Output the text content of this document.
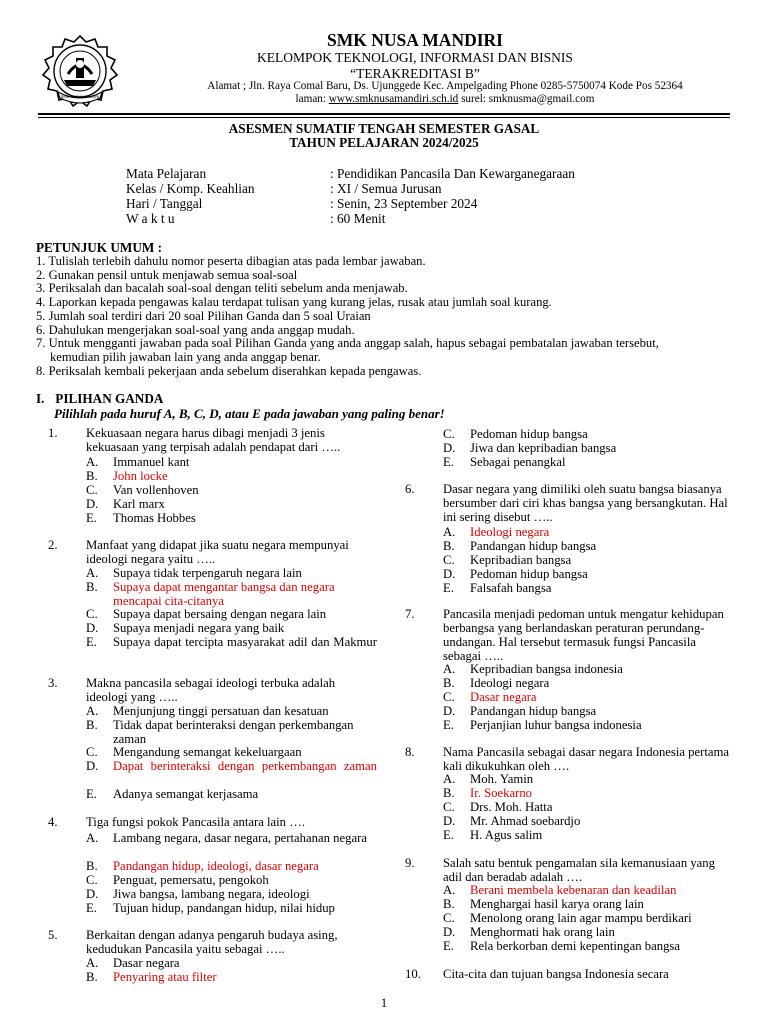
SMK NUSA MANDIRI
SMK NUSA MANDIRI
KELOMPOK TEKNOLOGI, INFORMASI DAN BISNIS
“TERAKREDITASI B”
Alamat ; Jln. Raya Comal Baru, Ds. Ujunggede Kec. Ampelgading Phone 0285-5750074 Kode Pos 52364
laman: www.smknusamandiri.sch.id surel: smknusma@gmail.com
ASESMEN SUMATIF TENGAH SEMESTER GASAL
TAHUN PELAJARAN 2024/2025
Mata Pelajaran	: Pendidikan Pancasila Dan Kewarganegaraan
Kelas / Komp. Keahlian	: XI / Semua Jurusan
Hari / Tanggal	: Senin, 23 September 2024
W a k t u	: 60 Menit
PETUNJUK UMUM :
1. Tulislah terlebih dahulu nomor peserta dibagian atas pada lembar jawaban.
2. Gunakan pensil untuk menjawab semua soal-soal
3. Periksalah dan bacalah soal-soal dengan teliti sebelum anda menjawab.
4. Laporkan kepada pengawas kalau terdapat tulisan yang kurang jelas, rusak atau jumlah soal kurang.
5. Jumlah soal terdiri dari 20 soal Pilihan Ganda dan 5 soal Uraian
6. Dahulukan mengerjakan soal-soal yang anda anggap mudah.
7. Untuk mengganti jawaban pada soal Pilihan Ganda yang anda anggap salah, hapus sebagai pembatalan jawaban tersebut,
kemudian pilih jawaban lain yang anda anggap benar.
8. Periksalah kembali pekerjaan anda sebelum diserahkan kepada pengawas.
I. PILIHAN GANDA
Pilihlah pada huruf A, B, C, D, atau E pada jawaban yang paling benar!
1. Kekuasaan negara harus dibagi menjadi 3 jenis kekuasaan yang terpisah adalah pendapat dari …..
A. Immanuel kant
B. John locke
C. Van vollenhoven
D. Karl marx
E. Thomas Hobbes
2. Manfaat yang didapat jika suatu negara mempunyai ideologi negara yaitu …..
A. Supaya tidak terpengaruh negara lain
B. Supaya dapat mengantar bangsa dan negara mencapai cita-citanya
C. Supaya dapat bersaing dengan negara lain
D. Supaya menjadi negara yang baik
E. Supaya dapat tercipta masyarakat adil dan Makmur
3. Makna pancasila sebagai ideologi terbuka adalah ideologi yang …..
A. Menjunjung tinggi persatuan dan kesatuan
B. Tidak dapat berinteraksi dengan perkembangan zaman
C. Mengandung semangat kekeluargaan
D. Dapat berinteraksi dengan perkembangan zaman
E. Adanya semangat kerjasama
4. Tiga fungsi pokok Pancasila antara lain ….
A. Lambang negara, dasar negara, pertahanan negara
B. Pandangan hidup, ideologi, dasar negara
C. Penguat, pemersatu, pengokoh
D. Jiwa bangsa, lambang negara, ideologi
E. Tujuan hidup, pandangan hidup, nilai hidup
5. Berkaitan dengan adanya pengaruh budaya asing, kedudukan Pancasila yaitu sebagai …..
A. Dasar negara
B. Penyaring atau filter
C. Pedoman hidup bangsa
D. Jiwa dan kepribadian bangsa
E. Sebagai penangkal
6. Dasar negara yang dimiliki oleh suatu bangsa biasanya bersumber dari ciri khas bangsa yang bersangkutan. Hal ini sering disebut …..
A. Ideologi negara
B. Pandangan hidup bangsa
C. Kepribadian bangsa
D. Pedoman hidup bangsa
E. Falsafah bangsa
7. Pancasila menjadi pedoman untuk mengatur kehidupan berbangsa yang berlandaskan peraturan perundang-undangan. Hal tersebut termasuk fungsi Pancasila sebagai …..
A. Kepribadian bangsa indonesia
B. Ideologi negara
C. Dasar negara
D. Pandangan hidup bangsa
E. Perjanjian luhur bangsa indonesia
8. Nama Pancasila sebagai dasar negara Indonesia pertama kali dikukuhkan oleh ….
A. Moh. Yamin
B. Ir. Soekarno
C. Drs. Moh. Hatta
D. Mr. Ahmad soebardjo
E. H. Agus salim
9. Salah satu bentuk pengamalan sila kemanusiaan yang adil dan beradab adalah ….
A. Berani membela kebenaran dan keadilan
B. Menghargai hasil karya orang lain
C. Menolong orang lain agar mampu berdikari
D. Menghormati hak orang lain
E. Rela berkorban demi kepentingan bangsa
10. Cita-cita dan tujuan bangsa Indonesia secara
1
